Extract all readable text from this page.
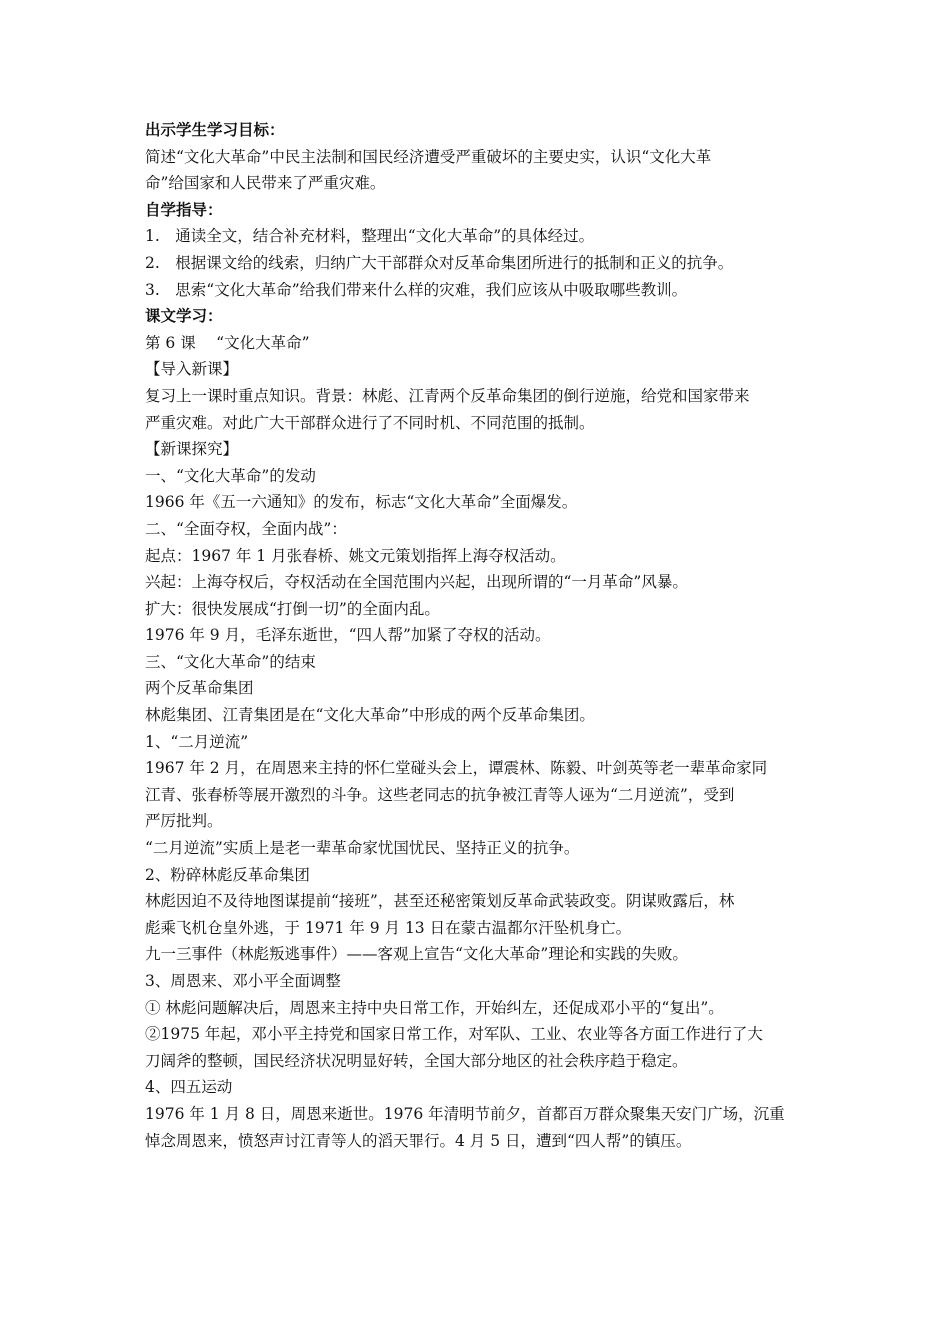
出示学生学习目标：

简述“文化大革命”中民主法制和国民经济遭受严重破坏的主要史实，认识“文化大革

命”给国家和人民带来了严重灾难。

自学指导：

1.　通读全文，结合补充材料，整理出“文化大革命”的具体经过。

2.　根据课文给的线索，归纳广大干部群众对反革命集团所进行的抵制和正义的抗争。

3.　思索“文化大革命”给我们带来什么样的灾难，我们应该从中吸取哪些教训。

课文学习：

第 6 课　 “文化大革命”

【导入新课】

复习上一课时重点知识。背景：林彪、江青两个反革命集团的倒行逆施，给党和国家带来

严重灾难。对此广大干部群众进行了不同时机、不同范围的抵制。

【新课探究】

一、“文化大革命”的发动

1966 年《五一六通知》的发布，标志“文化大革命”全面爆发。

二、“全面夺权，全面内战”：

起点：1967 年 1 月张春桥、姚文元策划指挥上海夺权活动。

兴起：上海夺权后，夺权活动在全国范围内兴起，出现所谓的“一月革命”风暴。

扩大：很快发展成“打倒一切”的全面内乱。

1976 年 9 月，毛泽东逝世，“四人帮”加紧了夺权的活动。

三、“文化大革命”的结束

两个反革命集团

林彪集团、江青集团是在“文化大革命”中形成的两个反革命集团。

1、“二月逆流”

1967 年 2 月，在周恩来主持的怀仁堂碰头会上，谭震林、陈毅、叶剑英等老一辈革命家同

江青、张春桥等展开激烈的斗争。这些老同志的抗争被江青等人诬为“二月逆流”，受到

严厉批判。

“二月逆流”实质上是老一辈革命家忧国忧民、坚持正义的抗争。

2、粉碎林彪反革命集团

林彪因迫不及待地图谋提前“接班”，甚至还秘密策划反革命武装政变。阴谋败露后，林

彪乘飞机仓皇外逃，于 1971 年 9 月 13 日在蒙古温都尔汗坠机身亡。

九一三事件（林彪叛逃事件）——客观上宣告“文化大革命”理论和实践的失败。

3、周恩来、邓小平全面调整

① 林彪问题解决后，周恩来主持中央日常工作，开始纠左，还促成邓小平的“复出”。

②1975 年起，邓小平主持党和国家日常工作，对军队、工业、农业等各方面工作进行了大

刀阔斧的整顿，国民经济状况明显好转，全国大部分地区的社会秩序趋于稳定。

4、四五运动

1976 年 1 月 8 日，周恩来逝世。1976 年清明节前夕，首都百万群众聚集天安门广场，沉重

悼念周恩来，愤怒声讨江青等人的滔天罪行。4 月 5 日，遭到“四人帮”的镇压。
